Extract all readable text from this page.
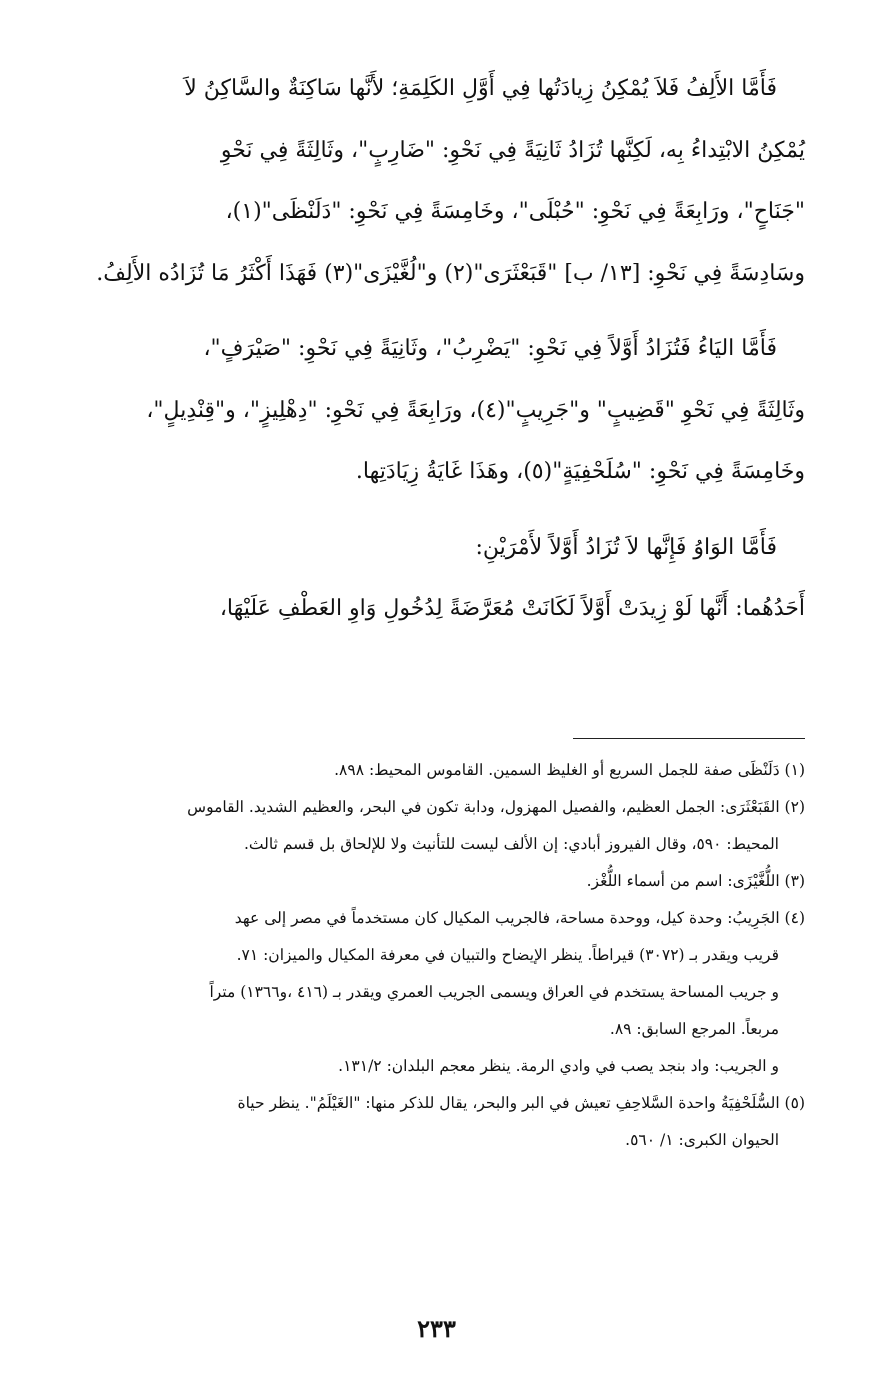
فَأَمَّا الأَلِفُ فَلاَ يُمْكِنُ زِيادَتُها فِي أَوَّلِ الكَلِمَةِ؛ لأَنَّها سَاكِنَةٌ والسَّاكِنُ لاَ

يُمْكِنُ الابْتِداءُ بِه، لَكِنَّها تُزَادُ ثَانِيَةً فِي نَحْوِ: "ضَارِبٍ"، وثَالِثَةً فِي نَحْوِ

"جَنَاحٍ"، ورَابِعَةً فِي نَحْوِ: "حُبْلَى"، وخَامِسَةً فِي نَحْوِ: "دَلَنْظَى"(١)،

وسَادِسَةً فِي نَحْوِ: [١٣/ ب] "قَبَعْثَرَى"(٢) و"لُغَّيْزَى"(٣) فَهَذَا أَكْثَرُ مَا تُزَادُه الأَلِفُ.

فَأَمَّا اليَاءُ فَتُزَادُ أَوَّلاً فِي نَحْوِ: "يَضْرِبُ"، وثَانِيَةً فِي نَحْوِ: "صَيْرَفٍ"،

وثَالِثَةً فِي نَحْوِ "قَضِيبٍ" و"جَرِيبٍ"(٤)، ورَابِعَةً فِي نَحْوِ: "دِهْلِيزٍ"، و"قِنْدِيلٍ"،

وخَامِسَةً فِي نَحْوِ: "سُلَحْفِيَةٍ"(٥)، وهَذَا غَايَةُ زِيَادَتِها.

فَأَمَّا الوَاوُ فَإِنَّها لاَ تُزَادُ أَوَّلاً لأَمْرَيْنِ:

أَحَدُهُما: أَنَّها لَوْ زِيدَتْ أَوَّلاً لَكَانَتْ مُعَرَّضَةً لِدُخُولِ وَاوِ العَطْفِ عَلَيْهَا،

(١) دَلَنْظَى صفة للجمل السريع أو الغليظ السمين. القاموس المحيط: ٨٩٨.

(٢) القَبَعْثَرَى: الجمل العظيم، والفصيل المهزول، ودابة تكون في البحر، والعظيم الشديد. القاموس

المحيط: ٥٩٠، وقال الفيروز أبادي: إن الألف ليست للتأنيث ولا للإلحاق بل قسم ثالث.

(٣) اللُّغَّيْزَى: اسم من أسماء اللُّغْز.

(٤) الجَرِيبُ: وحدة كيل، ووحدة مساحة، فالجريب المكيال كان مستخدماً في مصر إلى عهد

قريب ويقدر بـ (٣٠٧٢) قيراطاً. ينظر الإيضاح والتبيان في معرفة المكيال والميزان: ٧١.

و جريب المساحة يستخدم في العراق ويسمى الجريب العمري ويقدر بـ (٤١٦ ،و١٣٦٦) متراً

مربعاً. المرجع السابق: ٨٩.

و الجريب: واد بنجد يصب في وادي الرمة. ينظر معجم البلدان: ١٣١/٢.

(٥) السُّلَحْفِيَةُ واحدة السَّلاحِفِ تعيش في البر والبحر، يقال للذكر منها: "الغَيْلَمُ". ينظر حياة

الحيوان الكبرى: ١/ ٥٦٠.

٢٣٣
